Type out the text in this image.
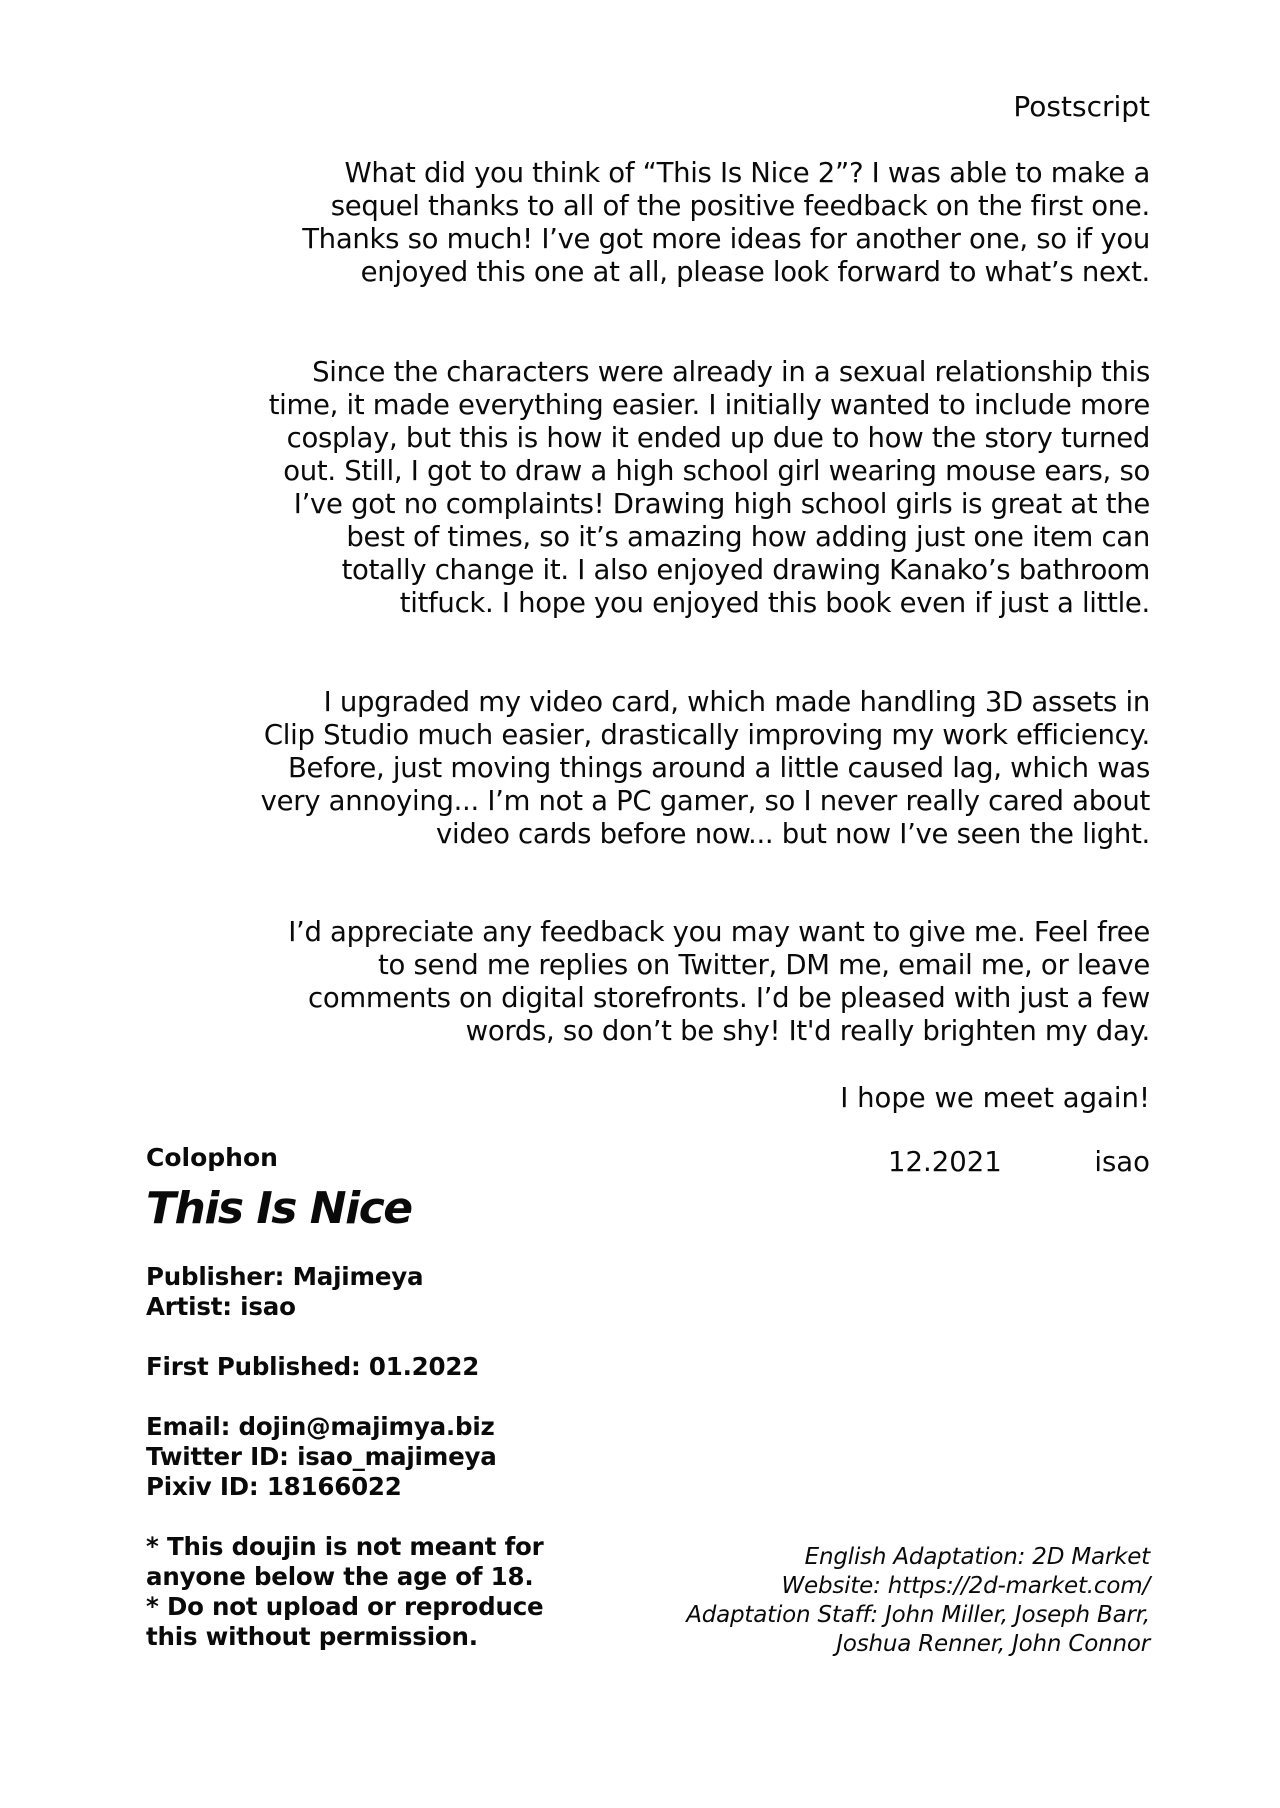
Postscript

What did you think of “This Is Nice 2”? I was able to make a
sequel thanks to all of the positive feedback on the first one.
Thanks so much! I’ve got more ideas for another one, so if you
enjoyed this one at all, please look forward to what’s next.

Since the characters were already in a sexual relationship this
time, it made everything easier. I initially wanted to include more
cosplay, but this is how it ended up due to how the story turned
out. Still, I got to draw a high school girl wearing mouse ears, so
I’ve got no complaints! Drawing high school girls is great at the
best of times, so it’s amazing how adding just one item can
totally change it. I also enjoyed drawing Kanako’s bathroom
titfuck. I hope you enjoyed this book even if just a little.

I upgraded my video card, which made handling 3D assets in
Clip Studio much easier, drastically improving my work efficiency.
Before, just moving things around a little caused lag, which was
very annoying... I’m not a PC gamer, so I never really cared about
video cards before now... but now I’ve seen the light.

I’d appreciate any feedback you may want to give me. Feel free
to send me replies on Twitter, DM me, email me, or leave
comments on digital storefronts. I’d be pleased with just a few
words, so don’t be shy! It'd really brighten my day.

I hope we meet again!
12.2021	isao
Colophon
This Is Nice
Publisher: Majimeya
Artist: isao
First Published: 01.2022
Email: dojin@majimya.biz
Twitter ID: isao_majimeya
Pixiv ID: 18166022
* This doujin is not meant for
anyone below the age of 18.
* Do not upload or reproduce
this without permission.
English Adaptation: 2D Market
Website: https://2d-market.com/
Adaptation Staff: John Miller, Joseph Barr,
Joshua Renner, John Connor
